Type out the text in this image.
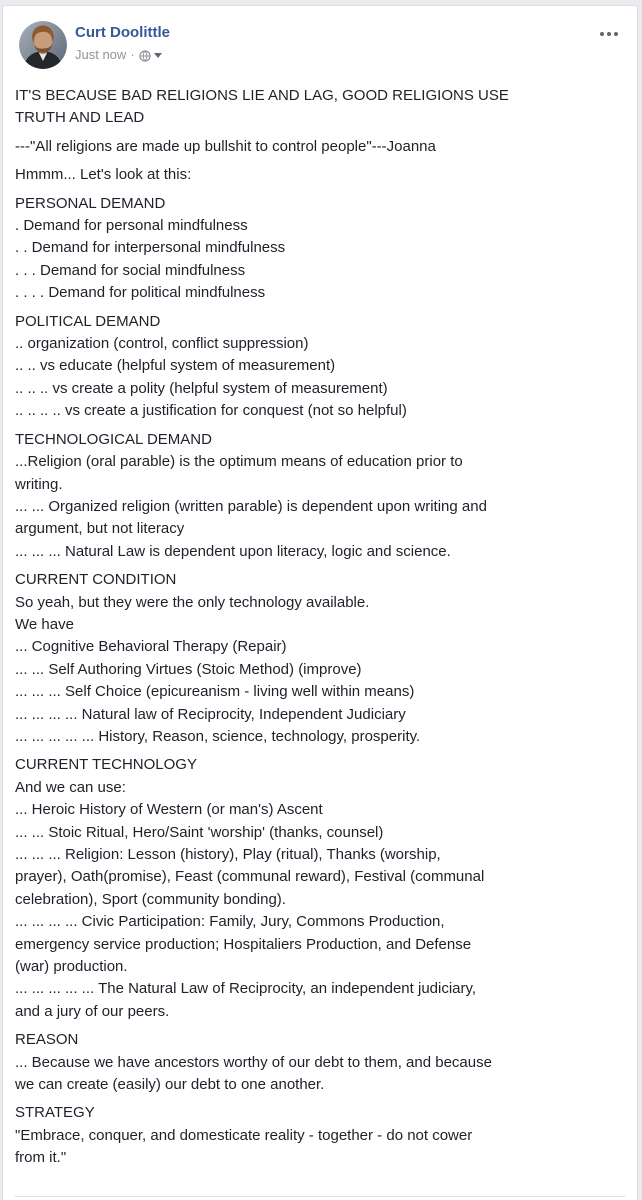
Curt Doolittle
Just now ·
IT'S BECAUSE BAD RELIGIONS LIE AND LAG, GOOD RELIGIONS USE
TRUTH AND LEAD
---"All religions are made up bullshit to control people"---Joanna
Hmmm... Let's look at this:
PERSONAL DEMAND
. Demand for personal mindfulness
. . Demand for interpersonal mindfulness
. . . Demand for social mindfulness
. . . . Demand for political mindfulness
POLITICAL DEMAND
.. organization (control, conflict suppression)
.. .. vs educate (helpful system of measurement)
.. .. .. vs create a polity (helpful system of measurement)
.. .. .. .. vs create a justification for conquest (not so helpful)
TECHNOLOGICAL DEMAND
...Religion (oral parable) is the optimum means of education prior to
writing.
... ... Organized religion (written parable) is dependent upon writing and
argument, but not literacy
... ... ... Natural Law is dependent upon literacy, logic and science.
CURRENT CONDITION
So yeah, but they were the only technology available.
We have
... Cognitive Behavioral Therapy (Repair)
... ... Self Authoring Virtues (Stoic Method) (improve)
... ... ... Self Choice (epicureanism - living well within means)
... ... ... ... Natural law of Reciprocity, Independent Judiciary
... ... ... ... ... History, Reason, science, technology, prosperity.
CURRENT TECHNOLOGY
And we can use:
... Heroic History of Western (or man's) Ascent
... ... Stoic Ritual, Hero/Saint 'worship' (thanks, counsel)
... ... ... Religion: Lesson (history), Play (ritual), Thanks (worship,
prayer), Oath(promise), Feast (communal reward), Festival (communal
celebration), Sport (community bonding).
... ... ... ... Civic Participation: Family, Jury, Commons Production,
emergency service production; Hospitaliers Production, and Defense
(war) production.
... ... ... ... ... The Natural Law of Reciprocity, an independent judiciary,
and a jury of our peers.
REASON
... Because we have ancestors worthy of our debt to them, and because
we can create (easily) our debt to one another.
STRATEGY
"Embrace, conquer, and domesticate reality - together - do not cower
from it."
